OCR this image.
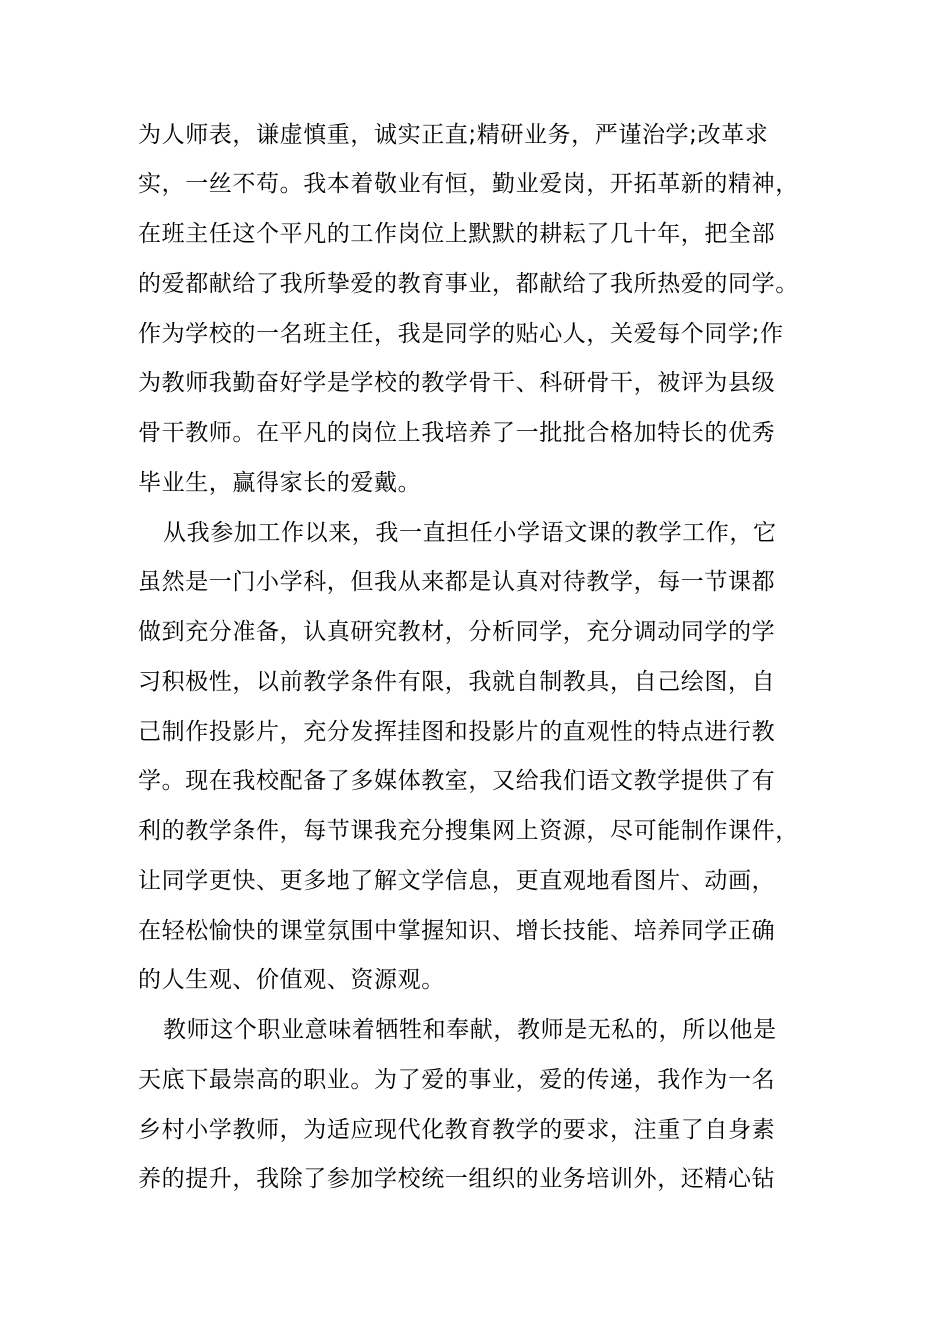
为人师表，谦虚慎重，诚实正直;精研业务，严谨治学;改革求
实，一丝不苟。我本着敬业有恒，勤业爱岗，开拓革新的精神，
在班主任这个平凡的工作岗位上默默的耕耘了几十年，把全部
的爱都献给了我所挚爱的教育事业，都献给了我所热爱的同学。
作为学校的一名班主任，我是同学的贴心人，关爱每个同学;作
为教师我勤奋好学是学校的教学骨干、科研骨干，被评为县级
骨干教师。在平凡的岗位上我培养了一批批合格加特长的优秀
毕业生，赢得家长的爱戴。
从我参加工作以来，我一直担任小学语文课的教学工作，它
虽然是一门小学科，但我从来都是认真对待教学，每一节课都
做到充分准备，认真研究教材，分析同学，充分调动同学的学
习积极性，以前教学条件有限，我就自制教具，自己绘图，自
己制作投影片，充分发挥挂图和投影片的直观性的特点进行教
学。现在我校配备了多媒体教室，又给我们语文教学提供了有
利的教学条件，每节课我充分搜集网上资源，尽可能制作课件，
让同学更快、更多地了解文学信息，更直观地看图片、动画，
在轻松愉快的课堂氛围中掌握知识、增长技能、培养同学正确
的人生观、价值观、资源观。
教师这个职业意味着牺牲和奉献，教师是无私的，所以他是
天底下最崇高的职业。为了爱的事业，爱的传递，我作为一名
乡村小学教师，为适应现代化教育教学的要求，注重了自身素
养的提升，我除了参加学校统一组织的业务培训外，还精心钻
